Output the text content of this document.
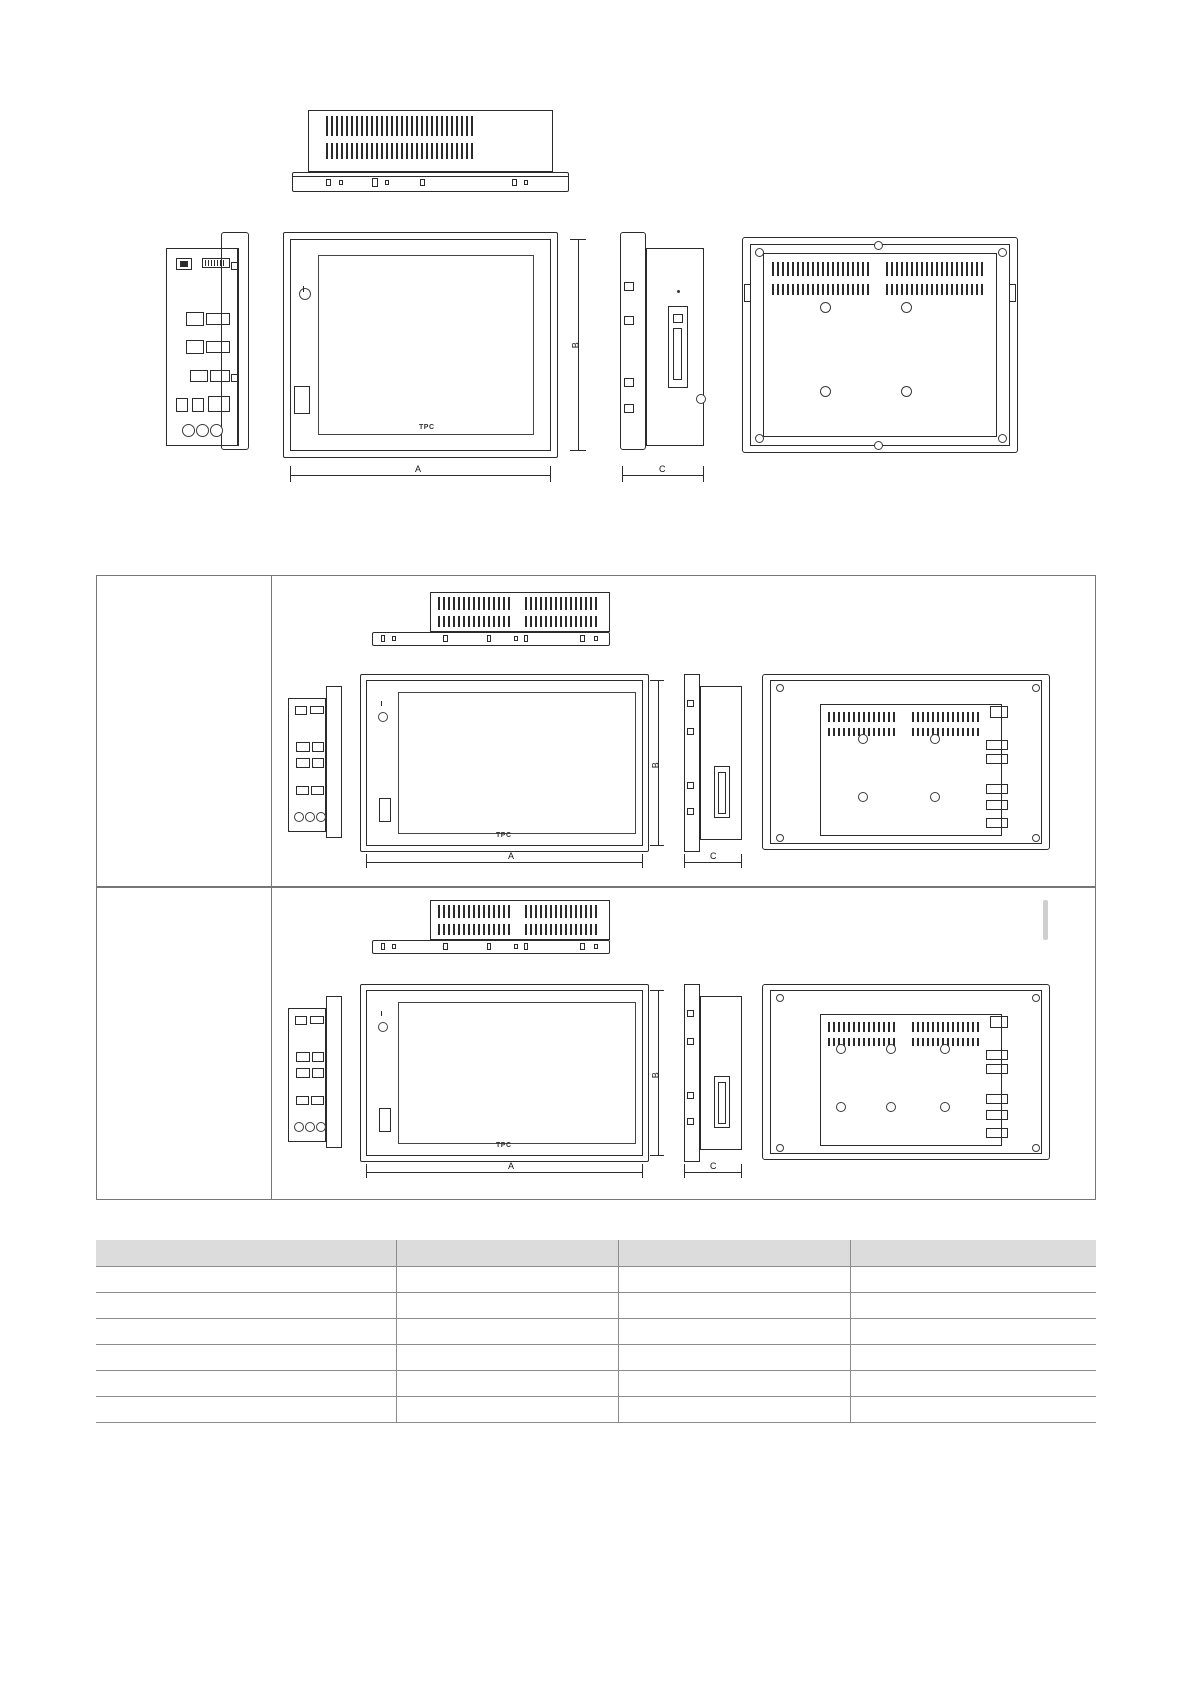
TPC
A
B
C
TPC
A
B
C
TPC
A
B
C
